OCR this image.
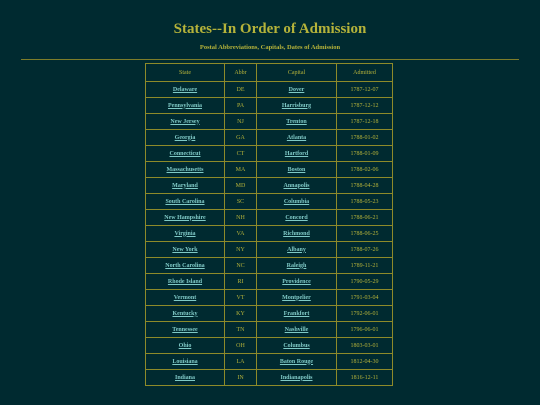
States--In Order of Admission

Postal Abbreviations, Capitals, Dates of Admission

State	Abbr	Capital	Admitted
Delaware	DE	Dover	1787-12-07
Pennsylvania	PA	Harrisburg	1787-12-12
New Jersey	NJ	Trenton	1787-12-18
Georgia	GA	Atlanta	1788-01-02
Connecticut	CT	Hartford	1788-01-09
Massachusetts	MA	Boston	1788-02-06
Maryland	MD	Annapolis	1788-04-28
South Carolina	SC	Columbia	1788-05-23
New Hampshire	NH	Concord	1788-06-21
Virginia	VA	Richmond	1788-06-25
New York	NY	Albany	1788-07-26
North Carolina	NC	Raleigh	1789-11-21
Rhode Island	RI	Providence	1790-05-29
Vermont	VT	Montpelier	1791-03-04
Kentucky	KY	Frankfort	1792-06-01
Tennessee	TN	Nashville	1796-06-01
Ohio	OH	Columbus	1803-03-01
Louisiana	LA	Baton Rouge	1812-04-30
Indiana	IN	Indianapolis	1816-12-11
